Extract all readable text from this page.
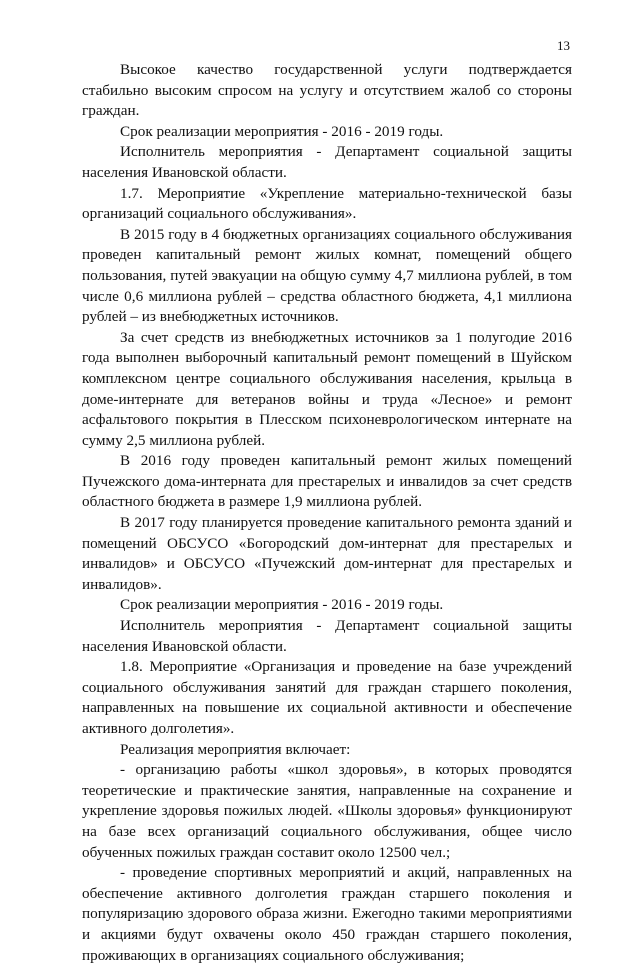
13

Высокое качество государственной услуги подтверждается стабильно высоким спросом на услугу и отсутствием жалоб со стороны граждан.

Срок реализации мероприятия - 2016 - 2019 годы.

Исполнитель мероприятия - Департамент социальной защиты населения Ивановской области.

1.7. Мероприятие «Укрепление материально-технической базы организаций социального обслуживания».

В 2015 году в 4 бюджетных организациях социального обслуживания проведен капитальный ремонт жилых комнат, помещений общего пользования, путей эвакуации на общую сумму 4,7 миллиона рублей, в том числе 0,6 миллиона рублей – средства областного бюджета, 4,1 миллиона рублей – из внебюджетных источников.

За счет средств из внебюджетных источников за 1 полугодие 2016 года выполнен выборочный капитальный ремонт помещений в Шуйском комплексном центре социального обслуживания населения, крыльца в доме-интернате для ветеранов войны и труда «Лесное» и ремонт асфальтового покрытия в Плесском психоневрологическом интернате на сумму 2,5 миллиона рублей.

В 2016 году проведен капитальный ремонт жилых помещений Пучежского дома-интерната для престарелых и инвалидов за счет средств областного бюджета в размере 1,9 миллиона рублей.

В 2017 году планируется проведение капитального ремонта зданий и помещений ОБСУСО «Богородский дом-интернат для престарелых и инвалидов» и ОБСУСО «Пучежский дом-интернат для престарелых и инвалидов».

Срок реализации мероприятия - 2016 - 2019 годы.

Исполнитель мероприятия - Департамент социальной защиты населения Ивановской области.

1.8. Мероприятие «Организация и проведение на базе учреждений социального обслуживания занятий для граждан старшего поколения, направленных на повышение их социальной активности и обеспечение активного долголетия».

Реализация мероприятия включает:

- организацию работы «школ здоровья», в которых проводятся теоретические и практические занятия, направленные на сохранение и укрепление здоровья пожилых людей. «Школы здоровья» функционируют на базе всех организаций социального обслуживания, общее число обученных пожилых граждан составит около 12500 чел.;

- проведение спортивных мероприятий и акций, направленных на обеспечение активного долголетия граждан старшего поколения и популяризацию здорового образа жизни. Ежегодно такими мероприятиями и акциями будут охвачены около 450 граждан старшего поколения, проживающих в организациях социального обслуживания;
